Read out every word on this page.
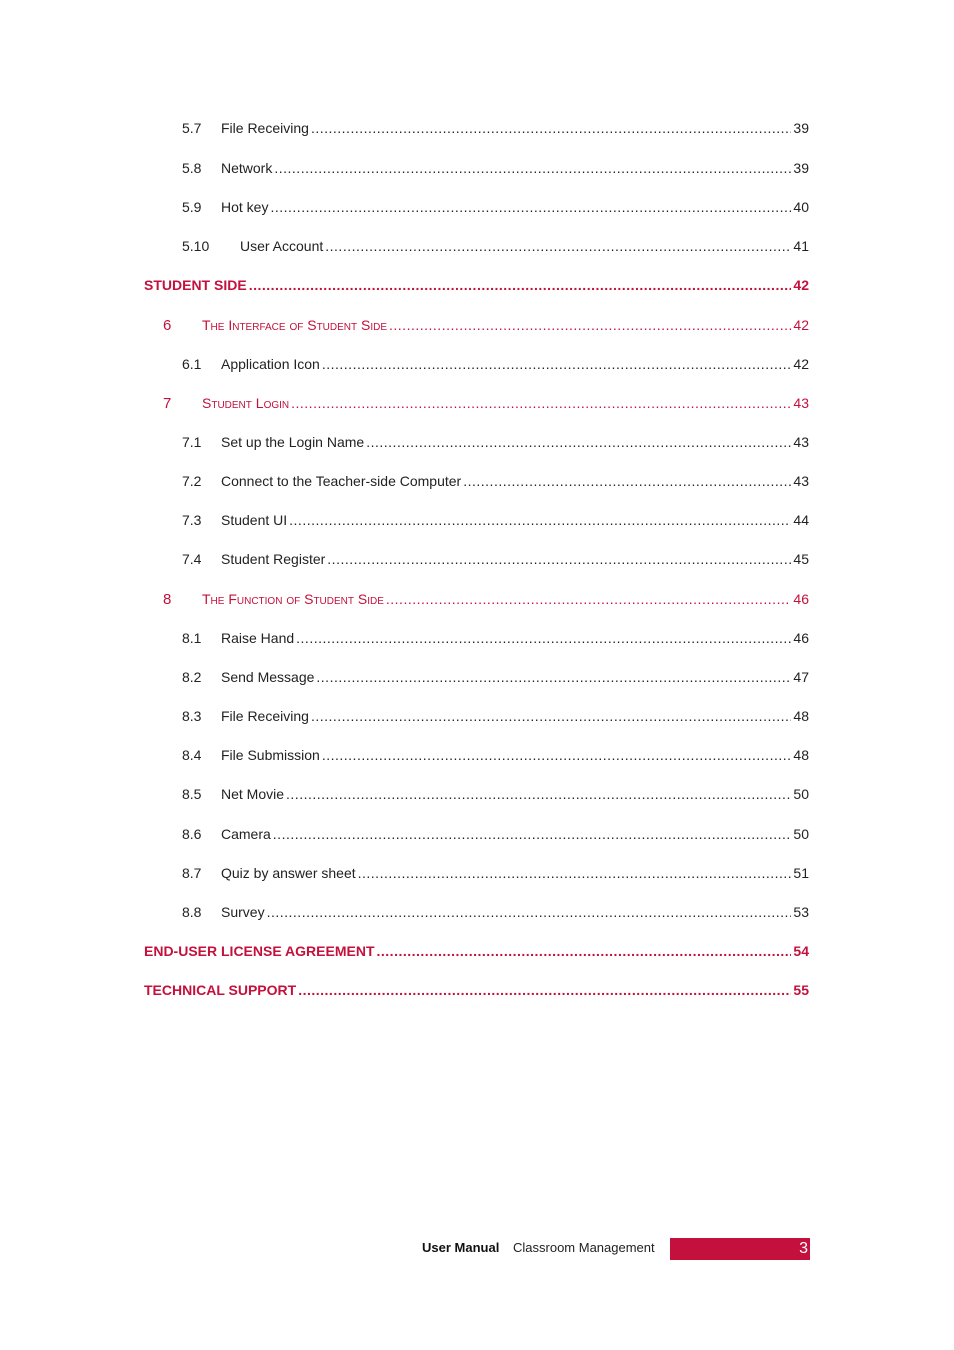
5.7	File Receiving .....	39
5.8	Network .....	39
5.9	Hot key .....	40
5.10	User Account .....	41
STUDENT SIDE .....	42
6	The Interface of Student Side .....	42
6.1	Application Icon .....	42
7	Student Login .....	43
7.1	Set up the Login Name .....	43
7.2	Connect to the Teacher-side Computer .....	43
7.3	Student UI .....	44
7.4	Student Register .....	45
8	The Function of Student Side .....	46
8.1	Raise Hand .....	46
8.2	Send Message .....	47
8.3	File Receiving .....	48
8.4	File Submission .....	48
8.5	Net Movie .....	50
8.6	Camera .....	50
8.7	Quiz by answer sheet .....	51
8.8	Survey .....	53
END-USER LICENSE AGREEMENT .....	54
TECHNICAL SUPPORT .....	55
User Manual Classroom Management	3
